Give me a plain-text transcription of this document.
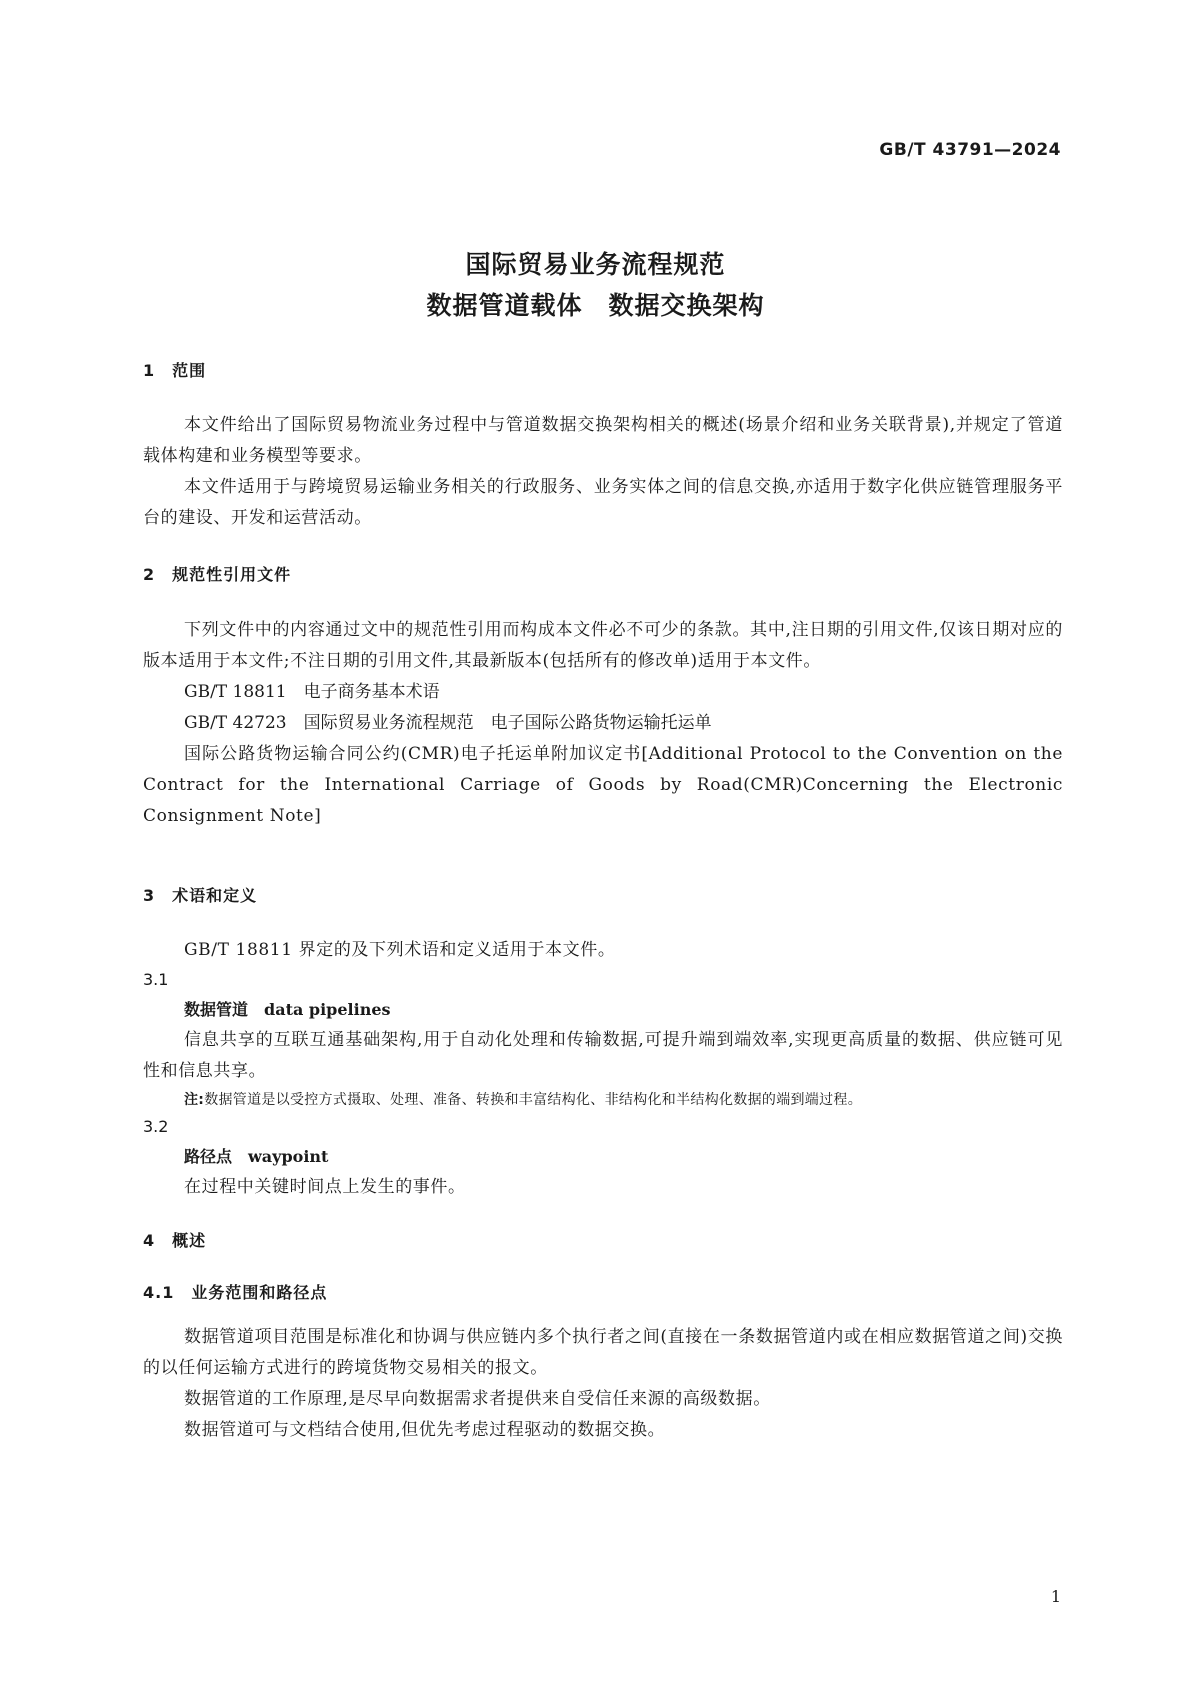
GB/T 43791—2024
国际贸易业务流程规范
数据管道载体　数据交换架构
1　范围
本文件给出了国际贸易物流业务过程中与管道数据交换架构相关的概述(场景介绍和业务关联背景),并规定了管道载体构建和业务模型等要求。
本文件适用于与跨境贸易运输业务相关的行政服务、业务实体之间的信息交换,亦适用于数字化供应链管理服务平台的建设、开发和运营活动。
2　规范性引用文件
下列文件中的内容通过文中的规范性引用而构成本文件必不可少的条款。其中,注日期的引用文件,仅该日期对应的版本适用于本文件;不注日期的引用文件,其最新版本(包括所有的修改单)适用于本文件。
GB/T 18811　电子商务基本术语
GB/T 42723　国际贸易业务流程规范　电子国际公路货物运输托运单
国际公路货物运输合同公约(CMR)电子托运单附加议定书[Additional Protocol to the Convention on the Contract for the International Carriage of Goods by Road(CMR)Concerning the Electronic Consignment Note]
3　术语和定义
GB/T 18811 界定的及下列术语和定义适用于本文件。
3.1
数据管道　 data pipelines
信息共享的互联互通基础架构,用于自动化处理和传输数据,可提升端到端效率,实现更高质量的数据、供应链可见性和信息共享。
注:数据管道是以受控方式摄取、处理、准备、转换和丰富结构化、非结构化和半结构化数据的端到端过程。
3.2
路径点　 waypoint
在过程中关键时间点上发生的事件。
4　概述
4.1　业务范围和路径点
数据管道项目范围是标准化和协调与供应链内多个执行者之间(直接在一条数据管道内或在相应数据管道之间)交换的以任何运输方式进行的跨境货物交易相关的报文。
数据管道的工作原理,是尽早向数据需求者提供来自受信任来源的高级数据。
数据管道可与文档结合使用,但优先考虑过程驱动的数据交换。
1
